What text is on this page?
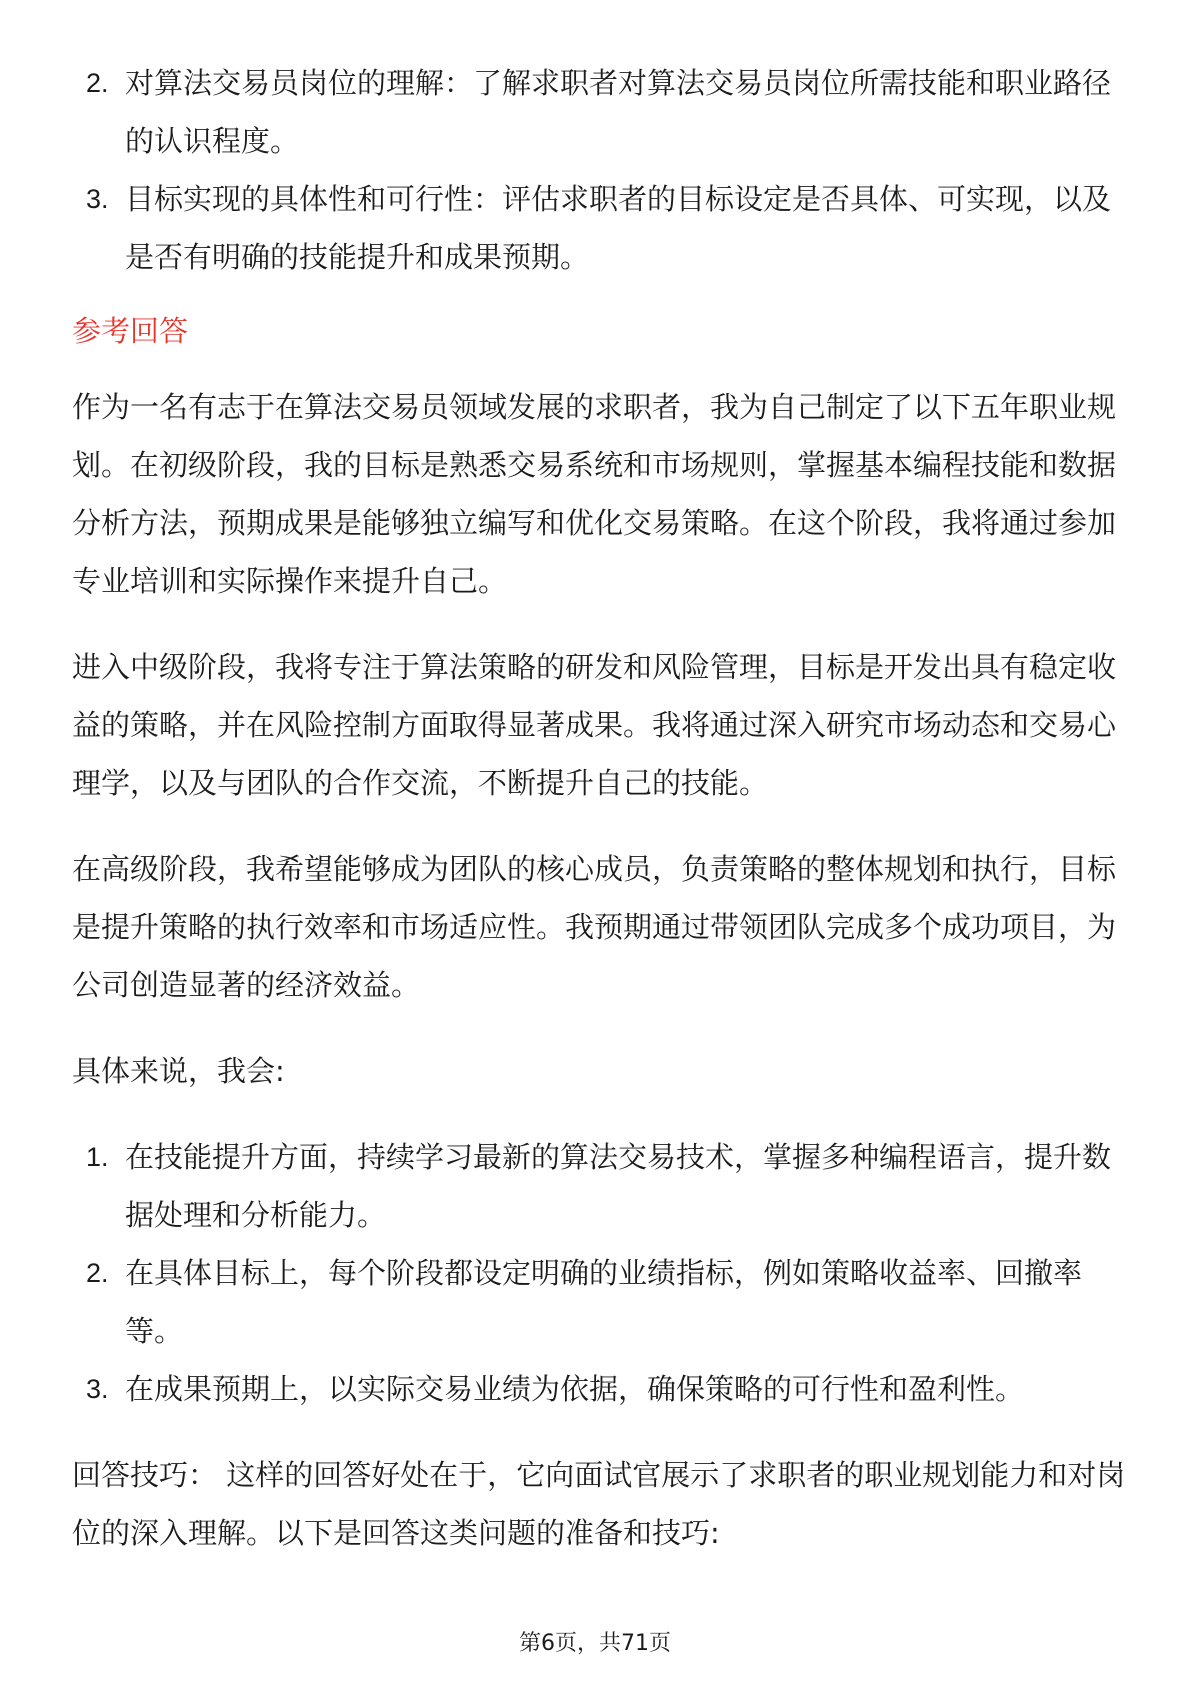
2. 对算法交易员岗位的理解：了解求职者对算法交易员岗位所需技能和职业路径
的认识程度。
3. 目标实现的具体性和可行性：评估求职者的目标设定是否具体、可实现，以及
是否有明确的技能提升和成果预期。
参考回答
作为一名有志于在算法交易员领域发展的求职者，我为自己制定了以下五年职业规
划。在初级阶段，我的目标是熟悉交易系统和市场规则，掌握基本编程技能和数据
分析方法，预期成果是能够独立编写和优化交易策略。在这个阶段，我将通过参加
专业培训和实际操作来提升自己。
进入中级阶段，我将专注于算法策略的研发和风险管理，目标是开发出具有稳定收
益的策略，并在风险控制方面取得显著成果。我将通过深入研究市场动态和交易心
理学，以及与团队的合作交流，不断提升自己的技能。
在高级阶段，我希望能够成为团队的核心成员，负责策略的整体规划和执行，目标
是提升策略的执行效率和市场适应性。我预期通过带领团队完成多个成功项目，为
公司创造显著的经济效益。
具体来说，我会:
1. 在技能提升方面，持续学习最新的算法交易技术，掌握多种编程语言，提升数
据处理和分析能力。
2. 在具体目标上，每个阶段都设定明确的业绩指标，例如策略收益率、回撤率
等。
3. 在成果预期上，以实际交易业绩为依据，确保策略的可行性和盈利性。
回答技巧： 这样的回答好处在于，它向面试官展示了求职者的职业规划能力和对岗
位的深入理解。以下是回答这类问题的准备和技巧:
第6页，共71页
